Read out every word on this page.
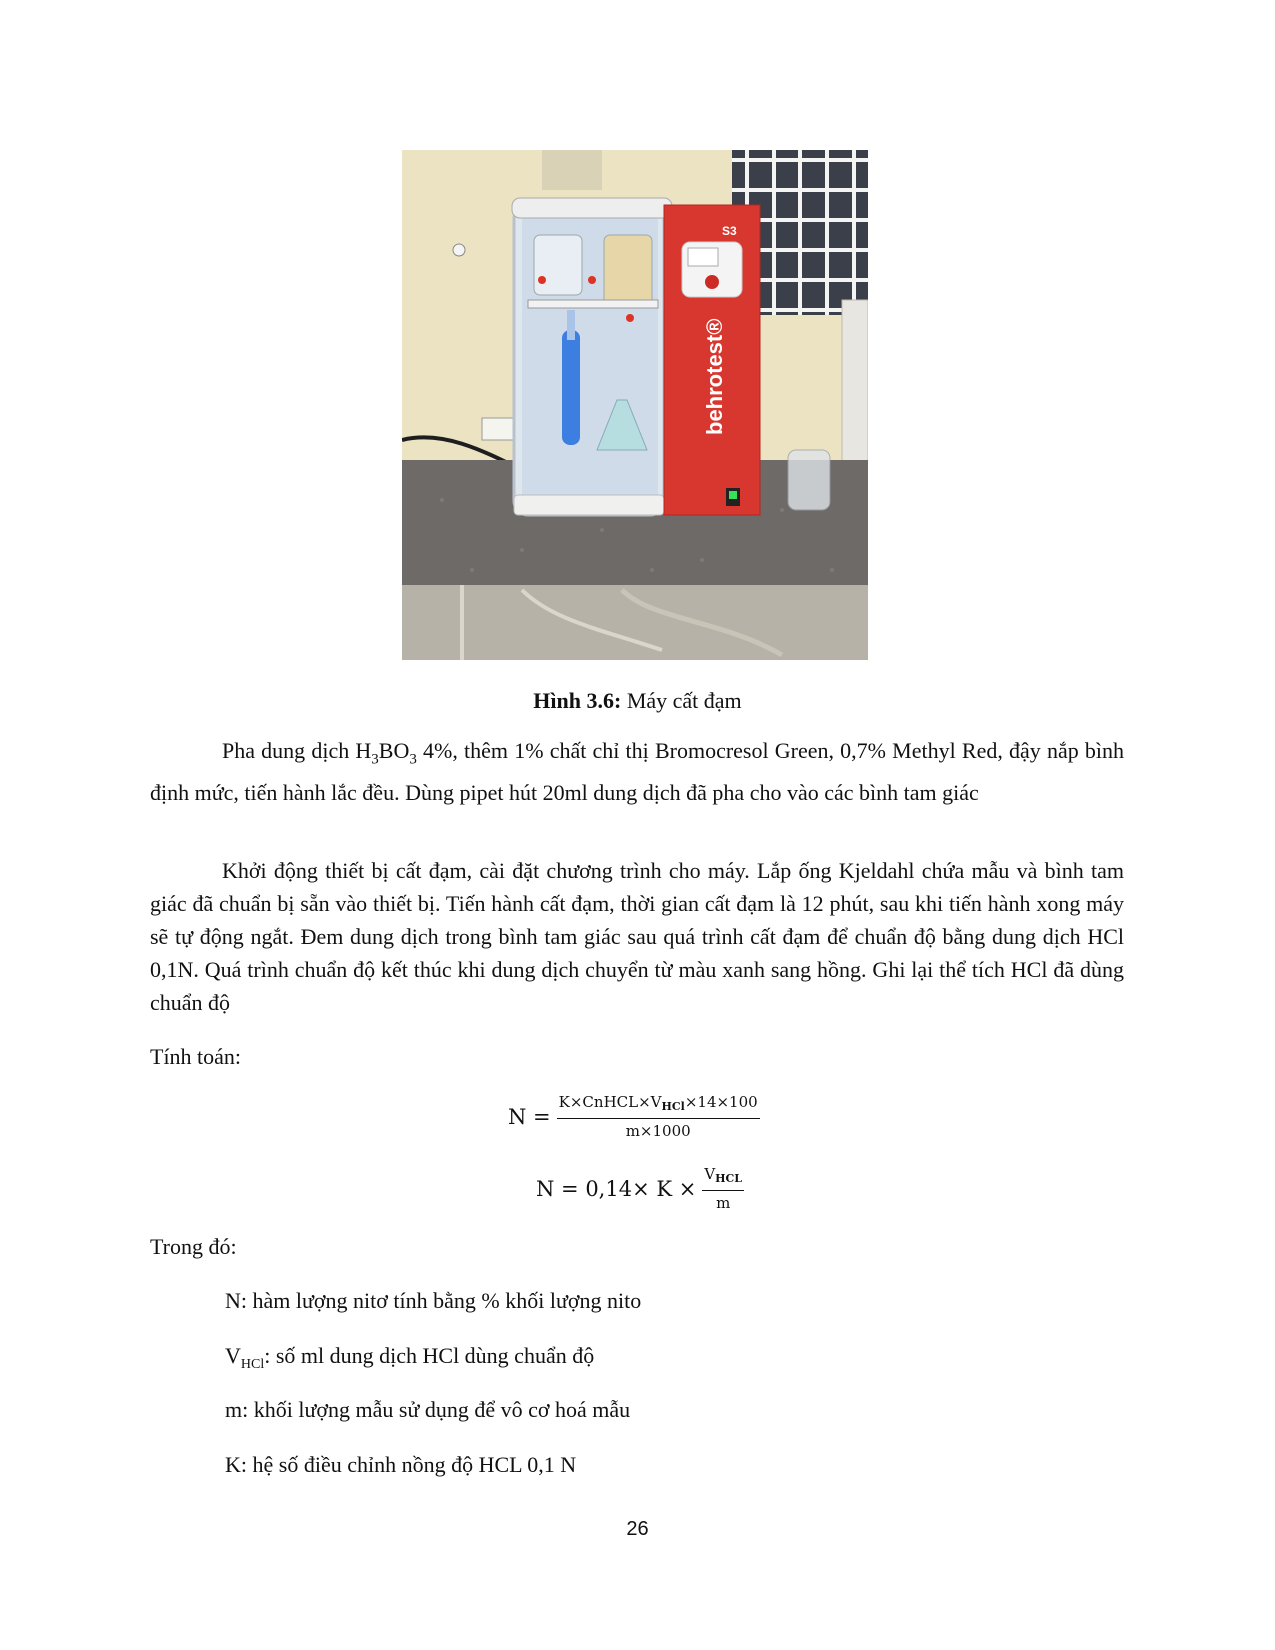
S3
behrotest®
Hình 3.6: Máy cất đạm
Pha dung dịch $H_3BO_3$ 4%, thêm 1% chất chỉ thị Bromocresol Green, 0,7% Methyl Red, đậy nắp bình định mức, tiến hành lắc đều. Dùng pipet hút 20ml dung dịch đã pha cho vào các bình tam giác
Khởi động thiết bị cất đạm, cài đặt chương trình cho máy. Lắp ống Kjeldahl chứa mẫu và bình tam giác đã chuẩn bị sẵn vào thiết bị. Tiến hành cất đạm, thời gian cất đạm là 12 phút, sau khi tiến hành xong máy sẽ tự động ngắt. Đem dung dịch trong bình tam giác sau quá trình cất đạm để chuẩn độ bằng dung dịch HCl 0,1N. Quá trình chuẩn độ kết thúc khi dung dịch chuyển từ màu xanh sang hồng. Ghi lại thể tích HCl đã dùng chuẩn độ
Tính toán:
$N = \frac{K\times CnHCL\times V_{HCl}\times 14\times 100}{m\times 1000}$
$N = 0,14\times K \times \frac{V_{HCL}}{m}$
Trong đó:
N: hàm lượng nitơ tính bằng % khối lượng nito
$V_{HCl}$: số ml dung dịch HCl dùng chuẩn độ
m: khối lượng mẫu sử dụng để vô cơ hoá mẫu
K: hệ số điều chỉnh nồng độ HCL 0,1 N
26
